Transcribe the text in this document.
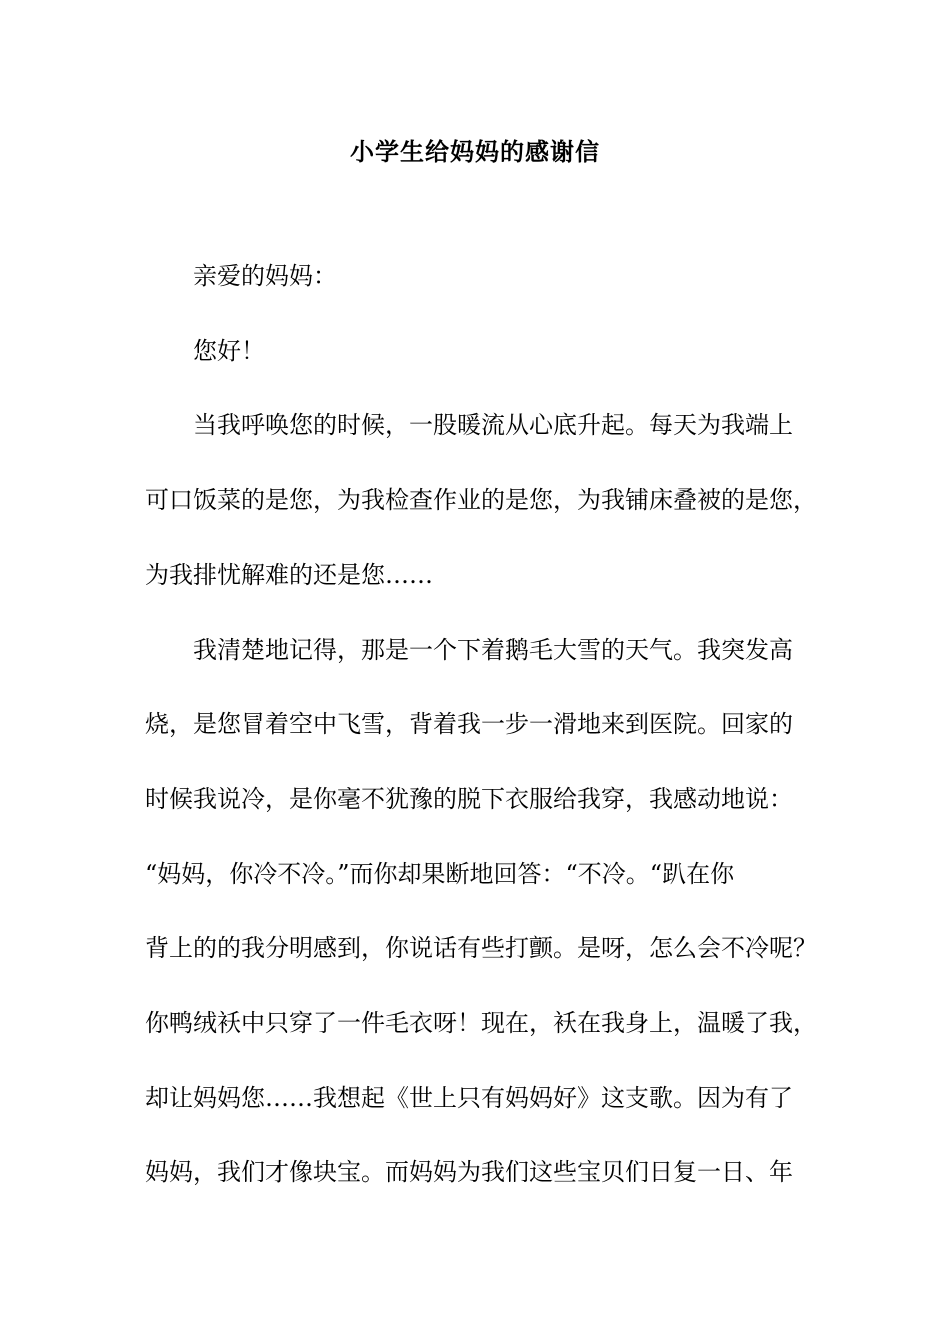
小学生给妈妈的感谢信
亲爱的妈妈：
您好！
当我呼唤您的时候，一股暖流从心底升起。每天为我端上
可口饭菜的是您，为我检查作业的是您，为我铺床叠被的是您，
为我排忧解难的还是您……
我清楚地记得，那是一个下着鹅毛大雪的天气。我突发高
烧，是您冒着空中飞雪，背着我一步一滑地来到医院。回家的
时候我说冷，是你毫不犹豫的脱下衣服给我穿，我感动地说：
“妈妈，你冷不冷。”而你却果断地回答：“不冷。“趴在你
背上的的我分明感到，你说话有些打颤。是呀，怎么会不冷呢？
你鸭绒袄中只穿了一件毛衣呀！现在，袄在我身上，温暖了我，
却让妈妈您……我想起《世上只有妈妈好》这支歌。因为有了
妈妈，我们才像块宝。而妈妈为我们这些宝贝们日复一日、年
